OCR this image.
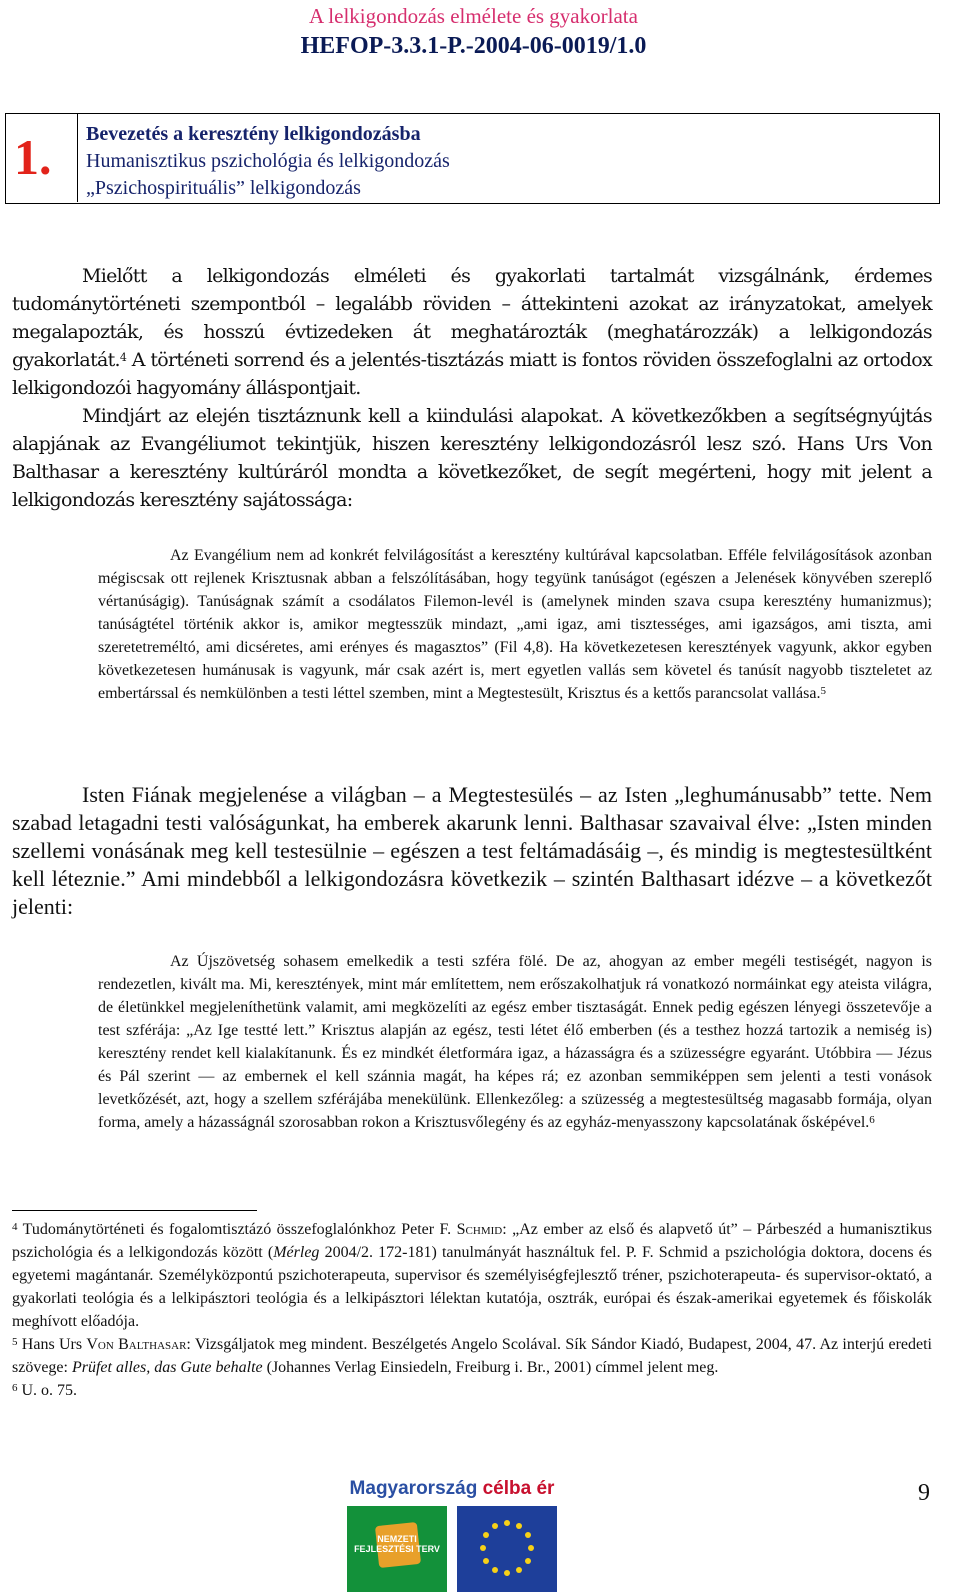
A lelkigondozás elmélete és gyakorlata
HEFOP-3.3.1-P.-2004-06-0019/1.0
1.	Bevezetés a keresztény lelkigondozásba
Humanisztikus pszichológia és lelkigondozás
„Pszichospirituális” lelkigondozás

Mielőtt a lelkigondozás elméleti és gyakorlati tartalmát vizsgálnánk, érdemes tudománytörténeti szempontból – legalább röviden – áttekinteni azokat az irányzatokat, amelyek megalapozták, és hosszú évtizedeken át meghatározták (meghatározzák) a lelkigondozás gyakorlatát.$^4$ A történeti sorrend és a jelentés-tisztázás miatt is fontos röviden összefoglalni az ortodox lelkigondozói hagyomány álláspontjait.

Mindjárt az elején tisztáznunk kell a kiindulási alapokat. A következőkben a segítségnyújtás alapjának az Evangéliumot tekintjük, hiszen keresztény lelkigondozásról lesz szó. Hans Urs Von Balthasar a keresztény kultúráról mondta a következőket, de segít megérteni, hogy mit jelent a lelkigondozás keresztény sajátossága:

Az Evangélium nem ad konkrét felvilágosítást a keresztény kultúrával kapcsolatban. Efféle felvilágosítások azonban mégiscsak ott rejlenek Krisztusnak abban a felszólításában, hogy tegyünk tanúságot (egészen a Jelenések könyvében szereplő vértanúságig). Tanúságnak számít a csodálatos Filemon-levél is (amelynek minden szava csupa keresztény humanizmus); tanúságtétel történik akkor is, amikor megtesszük mindazt, „ami igaz, ami tisztességes, ami igazságos, ami tiszta, ami szeretetreméltó, ami dicséretes, ami erényes és magasztos” (Fil 4,8). Ha következetesen keresztények vagyunk, akkor egyben következetesen humánusak is vagyunk, már csak azért is, mert egyetlen vallás sem követel és tanúsít nagyobb tiszteletet az embertárssal és nemkülönben a testi léttel szemben, mint a Megtestesült, Krisztus és a kettős parancsolat vallása.$^5$

Isten Fiának megjelenése a világban – a Megtestesülés – az Isten „leghumánusabb” tette. Nem szabad letagadni testi valóságunkat, ha emberek akarunk lenni. Balthasar szavaival élve: „Isten minden szellemi vonásának meg kell testesülnie – egészen a test feltámadásáig –, és mindig is megtestesültként kell léteznie.” Ami mindebből a lelkigondozásra következik – szintén Balthasart idézve – a következőt jelenti:

Az Újszövetség sohasem emelkedik a testi szféra fölé. De az, ahogyan az ember megéli testiségét, nagyon is rendezetlen, kivált ma. Mi, keresztények, mint már említettem, nem erőszakolhatjuk rá vonatkozó normáinkat egy ateista világra, de életünkkel megjeleníthetünk valamit, ami megközelíti az egész ember tisztaságát. Ennek pedig egészen lényegi összetevője a test szférája: „Az Ige testté lett.” Krisztus alapján az egész, testi létet élő emberben (és a testhez hozzá tartozik a nemiség is) keresztény rendet kell kialakítanunk. És ez mindkét életformára igaz, a házasságra és a szüzességre egyaránt. Utóbbira — Jézus és Pál szerint — az embernek el kell szánnia magát, ha képes rá; ez azonban semmiképpen sem jelenti a testi vonások levetkőzését, azt, hogy a szellem szférájába menekülünk. Ellenkezőleg: a szüzesség a megtestesültség magasabb formája, olyan forma, amely a házasságnál szorosabban rokon a Krisztusvőlegény és az egyház-menyasszony kapcsolatának ősképével.$^6$

$^4$ Tudománytörténeti és fogalomtisztázó összefoglalónkhoz Peter F. Schmid: „Az ember az első és alapvető út” – Párbeszéd a humanisztikus pszichológia és a lelkigondozás között (Mérleg 2004/2. 172-181) tanulmányát használtuk fel. P. F. Schmid a pszichológia doktora, docens és egyetemi magántanár. Személyközpontú pszichoterapeuta, supervisor és személyiségfejlesztő tréner, pszichoterapeuta- és supervisor-oktató, a gyakorlati teológia és a lelkipásztori teológia és a lelkipásztori lélektan kutatója, osztrák, európai és észak-amerikai egyetemek és főiskolák meghívott előadója.

$^5$ Hans Urs Von Balthasar: Vizsgáljatok meg mindent. Beszélgetés Angelo Scolával. Sík Sándor Kiadó, Budapest, 2004, 47. Az interjú eredeti szövege: Prüfet alles, das Gute behalte (Johannes Verlag Einsiedeln, Freiburg i. Br., 2001) címmel jelent meg.

$^6$ U. o. 75.

Magyarország célba ér
NEMZETI FEJLESZTÉSI TERV
9
